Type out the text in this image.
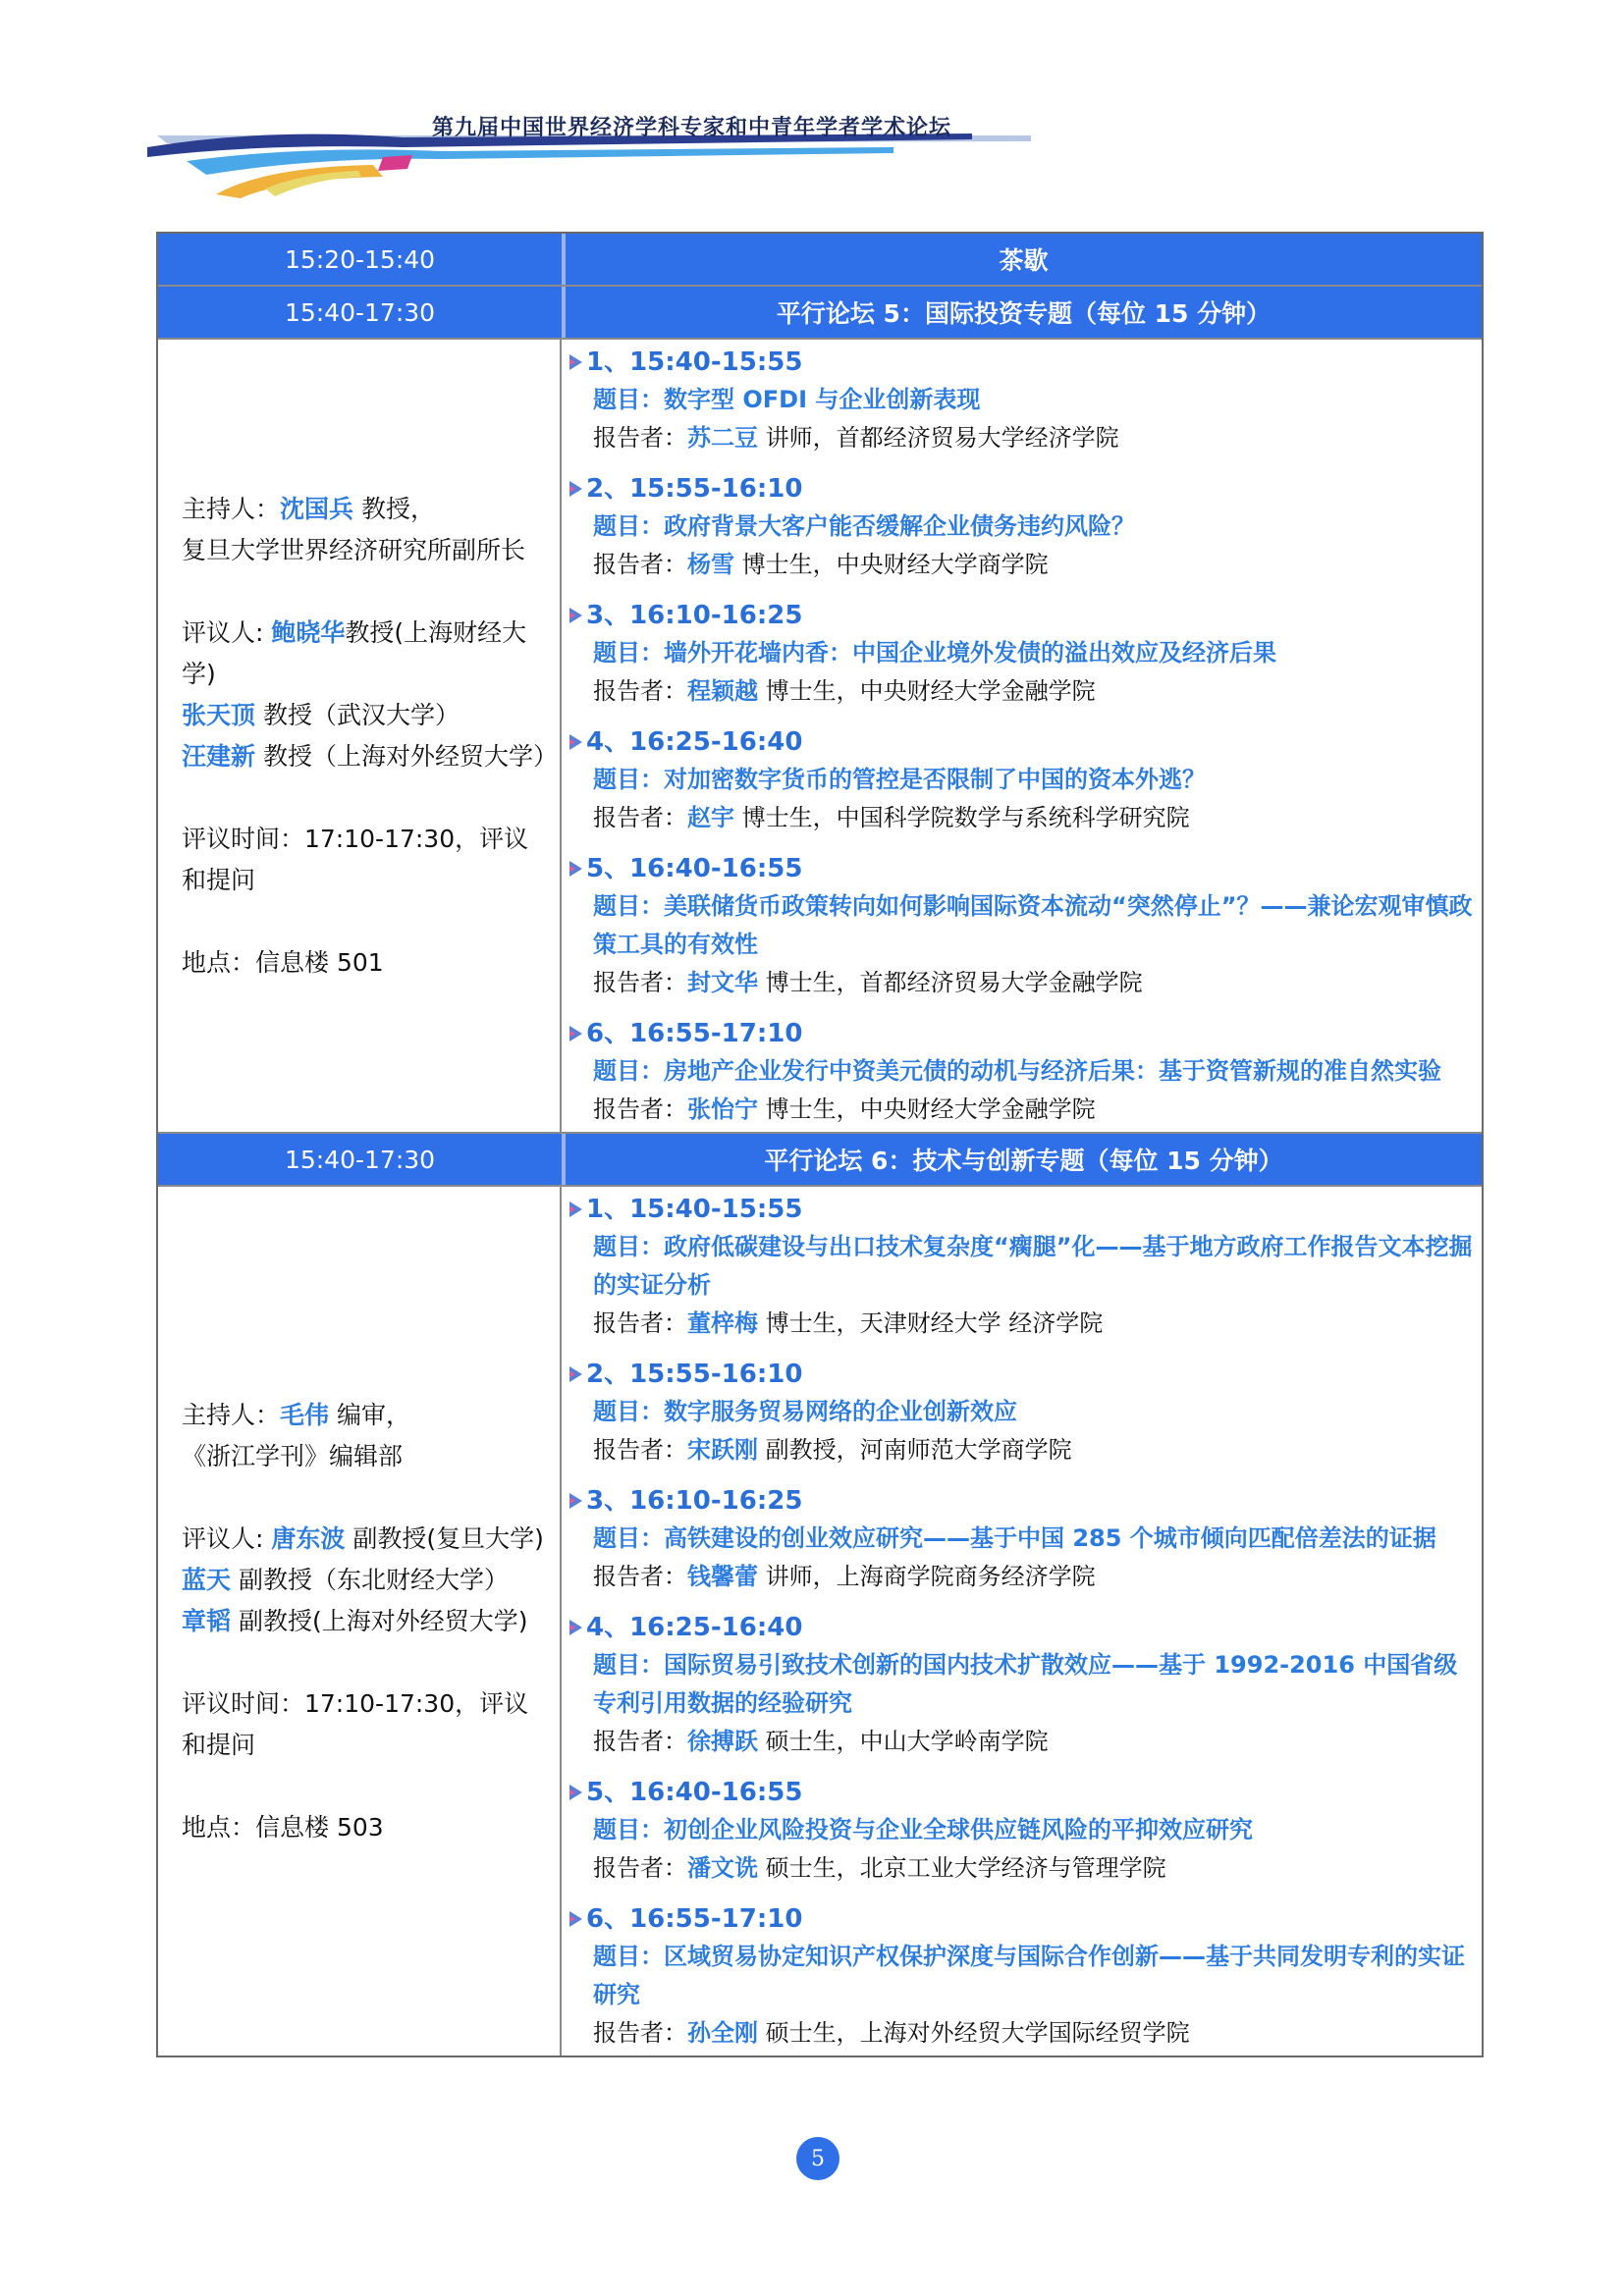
第九届中国世界经济学科专家和中青年学者学术论坛
15:20-15:40	茶歇
15:40-17:30	平行论坛 5：国际投资专题（每位 15 分钟）
主持人：沈国兵 教授，
复旦大学世界经济研究所副所长
评议人: 鲍晓华教授(上海财经大学)
张天顶 教授（武汉大学）
汪建新 教授（上海对外经贸大学）
评议时间：17:10-17:30，评议
和提问
地点：信息楼 501
1、15:40-15:55
题目：数字型 OFDI 与企业创新表现
报告者：苏二豆 讲师，首都经济贸易大学经济学院
2、15:55-16:10
题目：政府背景大客户能否缓解企业债务违约风险？
报告者：杨雪 博士生，中央财经大学商学院
3、16:10-16:25
题目：墙外开花墙内香：中国企业境外发债的溢出效应及经济后果
报告者：程颖越 博士生，中央财经大学金融学院
4、16:25-16:40
题目：对加密数字货币的管控是否限制了中国的资本外逃？
报告者：赵宇 博士生，中国科学院数学与系统科学研究院
5、16:40-16:55
题目：美联储货币政策转向如何影响国际资本流动“突然停止”？——兼论宏观审慎政策工具的有效性
报告者：封文华 博士生，首都经济贸易大学金融学院
6、16:55-17:10
题目：房地产企业发行中资美元债的动机与经济后果：基于资管新规的准自然实验
报告者：张怡宁 博士生，中央财经大学金融学院
15:40-17:30	平行论坛 6：技术与创新专题（每位 15 分钟）
主持人：毛伟 编审，
《浙江学刊》编辑部
评议人: 唐东波 副教授(复旦大学)
蓝天 副教授（东北财经大学）
章韬 副教授(上海对外经贸大学)
评议时间：17:10-17:30，评议
和提问
地点：信息楼 503
1、15:40-15:55
题目：政府低碳建设与出口技术复杂度“瘸腿”化——基于地方政府工作报告文本挖掘的实证分析
报告者：董梓梅 博士生，天津财经大学 经济学院
2、15:55-16:10
题目：数字服务贸易网络的企业创新效应
报告者：宋跃刚 副教授，河南师范大学商学院
3、16:10-16:25
题目：高铁建设的创业效应研究——基于中国 285 个城市倾向匹配倍差法的证据
报告者：钱馨蕾 讲师，上海商学院商务经济学院
4、16:25-16:40
题目：国际贸易引致技术创新的国内技术扩散效应——基于 1992-2016 中国省级专利引用数据的经验研究
报告者：徐搏跃 硕士生，中山大学岭南学院
5、16:40-16:55
题目：初创企业风险投资与企业全球供应链风险的平抑效应研究
报告者：潘文诜 硕士生，北京工业大学经济与管理学院
6、16:55-17:10
题目：区域贸易协定知识产权保护深度与国际合作创新——基于共同发明专利的实证研究
报告者：孙全刚 硕士生，上海对外经贸大学国际经贸学院
5
